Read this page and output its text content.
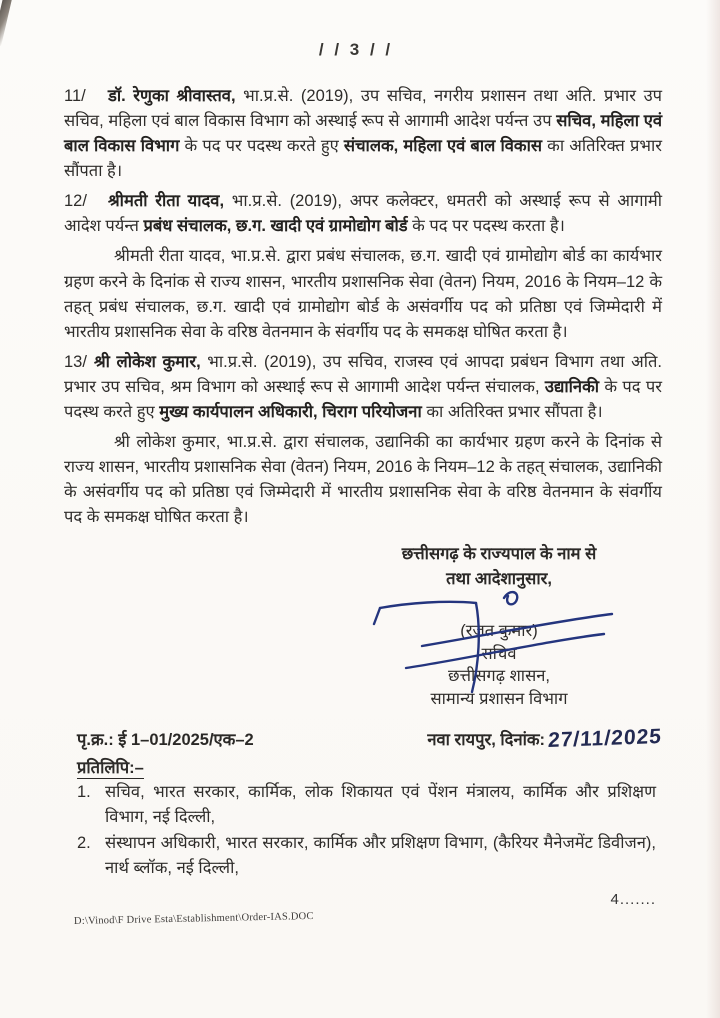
/ / 3 / /

11/ डॉ. रेणुका श्रीवास्तव, भा.प्र.से. (2019), उप सचिव, नगरीय प्रशासन तथा अति. प्रभार उप सचिव, महिला एवं बाल विकास विभाग को अस्थाई रूप से आगामी आदेश पर्यन्त उप सचिव, महिला एवं बाल विकास विभाग के पद पर पदस्थ करते हुए संचालक, महिला एवं बाल विकास का अतिरिक्त प्रभार सौंपता है।

12/ श्रीमती रीता यादव, भा.प्र.से. (2019), अपर कलेक्टर, धमतरी को अस्थाई रूप से आगामी आदेश पर्यन्त प्रबंध संचालक, छ.ग. खादी एवं ग्रामोद्योग बोर्ड के पद पर पदस्थ करता है।

श्रीमती रीता यादव, भा.प्र.से. द्वारा प्रबंध संचालक, छ.ग. खादी एवं ग्रामोद्योग बोर्ड का कार्यभार ग्रहण करने के दिनांक से राज्य शासन, भारतीय प्रशासनिक सेवा (वेतन) नियम, 2016 के नियम–12 के तहत् प्रबंध संचालक, छ.ग. खादी एवं ग्रामोद्योग बोर्ड के असंवर्गीय पद को प्रतिष्ठा एवं जिम्मेदारी में भारतीय प्रशासनिक सेवा के वरिष्ठ वेतनमान के संवर्गीय पद के समकक्ष घोषित करता है।

13/ श्री लोकेश कुमार, भा.प्र.से. (2019), उप सचिव, राजस्व एवं आपदा प्रबंधन विभाग तथा अति. प्रभार उप सचिव, श्रम विभाग को अस्थाई रूप से आगामी आदेश पर्यन्त संचालक, उद्यानिकी के पद पर पदस्थ करते हुए मुख्य कार्यपालन अधिकारी, चिराग परियोजना का अतिरिक्त प्रभार सौंपता है।

श्री लोकेश कुमार, भा.प्र.से. द्वारा संचालक, उद्यानिकी का कार्यभार ग्रहण करने के दिनांक से राज्य शासन, भारतीय प्रशासनिक सेवा (वेतन) नियम, 2016 के नियम–12 के तहत् संचालक, उद्यानिकी के असंवर्गीय पद को प्रतिष्ठा एवं जिम्मेदारी में भारतीय प्रशासनिक सेवा के वरिष्ठ वेतनमान के संवर्गीय पद के समकक्ष घोषित करता है।

छत्तीसगढ़ के राज्यपाल के नाम से
तथा आदेशानुसार,
(रजत कुमार)
सचिव
छत्तीसगढ़ शासन,
सामान्य प्रशासन विभाग
पृ.क्र.: ई 1–01/2025/एक–2	नवा रायपुर, दिनांक: 27/11/2025
प्रतिलिपि:–
1. सचिव, भारत सरकार, कार्मिक, लोक शिकायत एवं पेंशन मंत्रालय, कार्मिक और प्रशिक्षण विभाग, नई दिल्ली,
2. संस्थापन अधिकारी, भारत सरकार, कार्मिक और प्रशिक्षण विभाग, (कैरियर मैनेजमेंट डिवीजन), नार्थ ब्लॉक, नई दिल्ली,
4.......
D:\Vinod\F Drive Esta\Establishment\Order-IAS.DOC
